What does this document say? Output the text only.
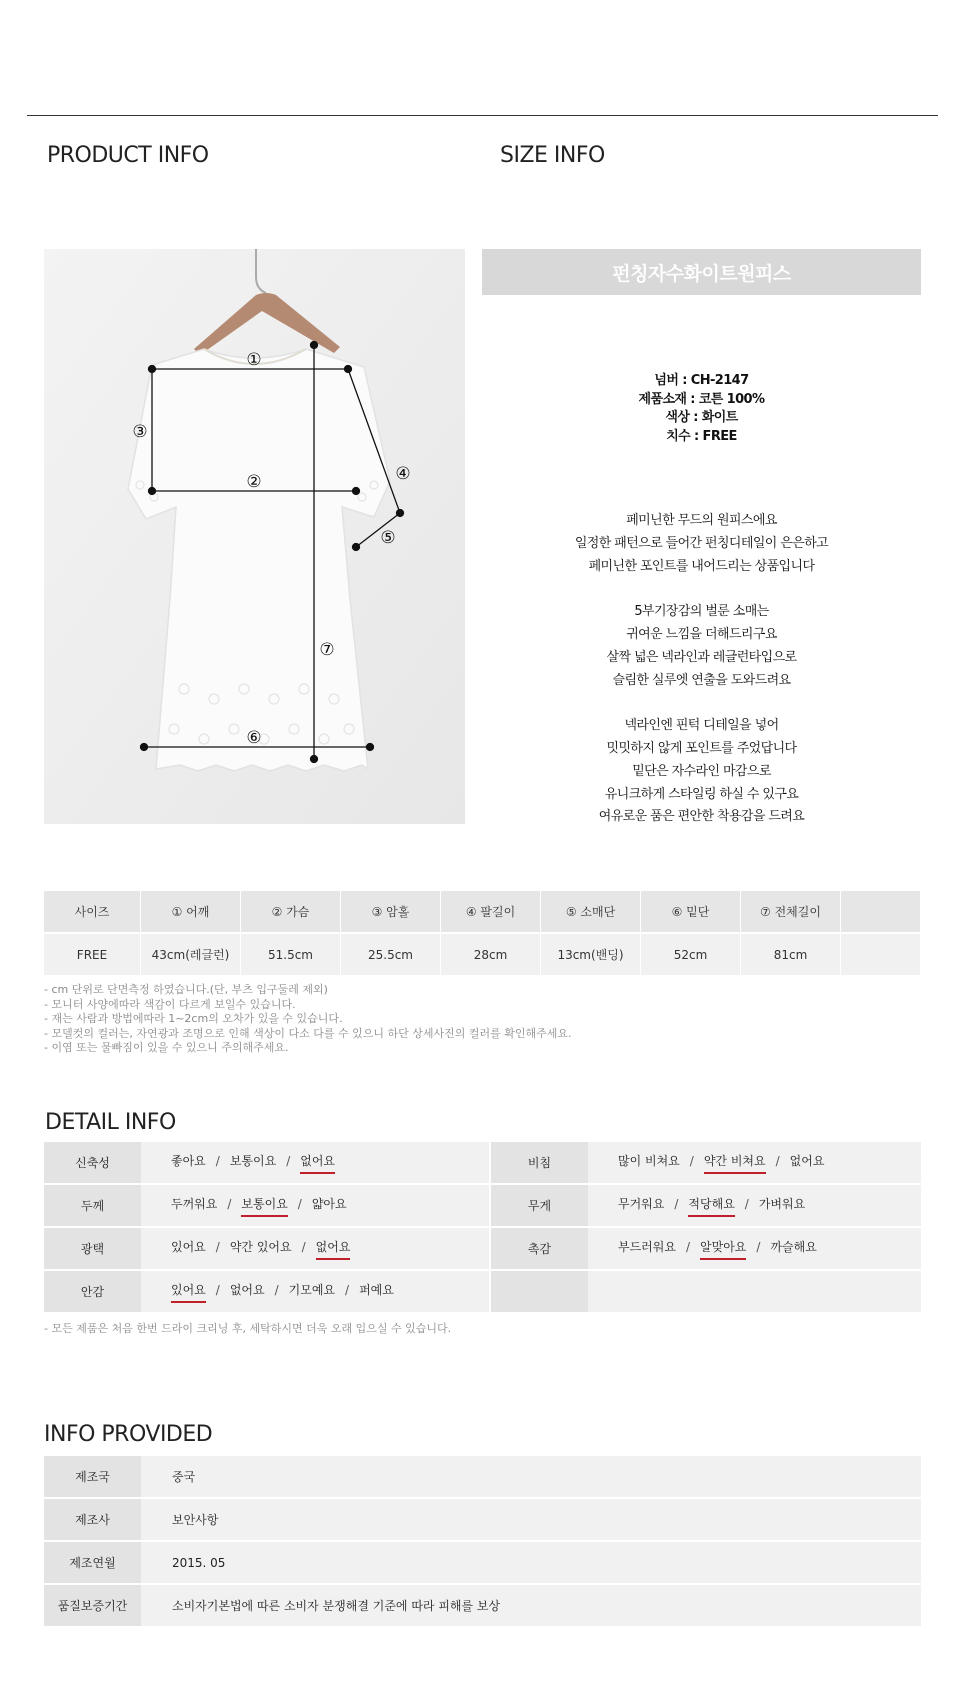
PRODUCT INFO	SIZE INFO
①
②
③
④
⑤
⑥
⑦
펀칭자수화이트원피스
넘버 : CH-2147
제품소재 : 코튼 100%
색상 : 화이트
치수 : FREE
페미닌한 무드의 원피스에요
일정한 패턴으로 들어간 펀칭디테일이 은은하고
페미닌한 포인트를 내어드리는 상품입니다
5부기장감의 벌룬 소매는
귀여운 느낌을 더해드리구요
살짝 넓은 넥라인과 레글런타입으로
슬림한 실루엣 연출을 도와드려요
넥라인엔 핀턱 디테일을 넣어
밋밋하지 않게 포인트를 주었답니다
밑단은 자수라인 마감으로
유니크하게 스타일링 하실 수 있구요
여유로운 품은 편안한 착용감을 드려요
사이즈	① 어깨	② 가슴	③ 암홀	④ 팔길이	⑤ 소매단	⑥ 밑단	⑦ 전체길이	
FREE	43cm(레글런)	51.5cm	25.5cm	28cm	13cm(밴딩)	52cm	81cm	
- cm 단위로 단면측정 하였습니다.(단, 부츠 입구둘레 제외)
- 모니터 사양에따라 색감이 다르게 보일수 있습니다.
- 재는 사람과 방법에따라 1~2cm의 오차가 있을 수 있습니다.
- 모델컷의 컬러는, 자연광과 조명으로 인해 색상이 다소 다를 수 있으니 하단 상세사진의 컬러를 확인해주세요.
- 이염 또는 물빠짐이 있을 수 있으니 주의해주세요.
DETAIL INFO
신축성	좋아요 / 보통이요 / 없어요	비침	많이 비쳐요 / 약간 비쳐요 / 없어요
두께	두꺼워요 / 보통이요 / 얇아요	무게	무거워요 / 적당해요 / 가벼워요
광택	있어요 / 약간 있어요 / 없어요	촉감	부드러워요 / 알맞아요 / 까슬해요
안감	있어요 / 없어요 / 기모예요 / 퍼예요		
- 모든 제품은 처음 한번 드라이 크리닝 후, 세탁하시면 더욱 오래 입으실 수 있습니다.
INFO PROVIDED
제조국	중국
제조사	보안사항
제조연월	2015. 05
품질보증기간	소비자기본법에 따른 소비자 분쟁해결 기준에 따라 피해를 보상
